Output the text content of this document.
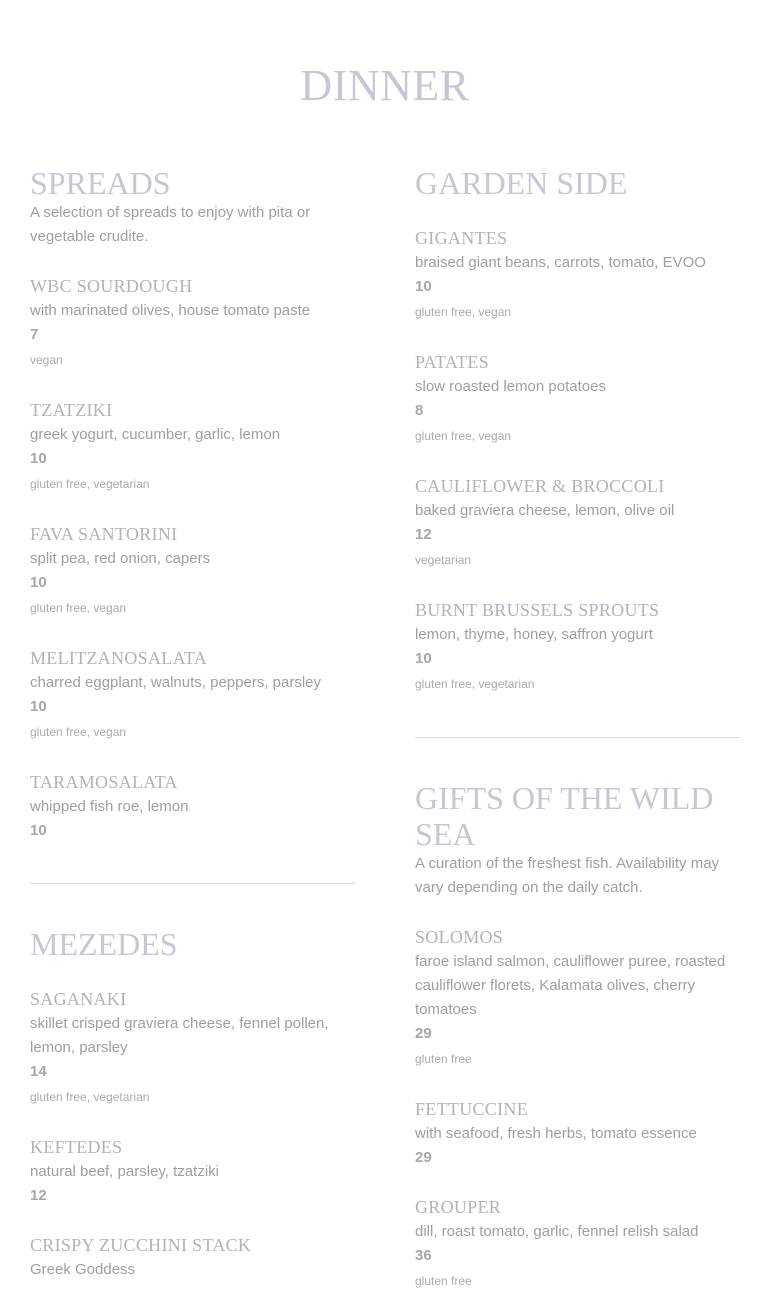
DINNER
SPREADS

A selection of spreads to enjoy with pita or vegetable crudite.

WBC SOURDOUGH

with marinated olives, house tomato paste

7

vegan

TZATZIKI

greek yogurt, cucumber, garlic, lemon

10

gluten free, vegetarian

FAVA SANTORINI

split pea, red onion, capers

10

gluten free, vegan

MELITZANOSALATA

charred eggplant, walnuts, peppers, parsley

10

gluten free, vegan

TARAMOSALATA

whipped fish roe, lemon

10

MEZEDES
SAGANAKI

skillet crisped graviera cheese, fennel pollen, lemon, parsley

14

gluten free, vegetarian

KEFTEDES

natural beef, parsley, tzatziki

12

CRISPY ZUCCHINI STACK

Greek Goddess

GARDEN SIDE
GIGANTES

braised giant beans, carrots, tomato, EVOO

10

gluten free, vegan

PATATES

slow roasted lemon potatoes

8

gluten free, vegan

CAULIFLOWER & BROCCOLI

baked graviera cheese, lemon, olive oil

12

vegetarian

BURNT BRUSSELS SPROUTS

lemon, thyme, honey, saffron yogurt

10

gluten free, vegetarian

GIFTS OF THE WILD SEA

A curation of the freshest fish. Availability may vary depending on the daily catch.

SOLOMOS

faroe island salmon, cauliflower puree, roasted cauliflower florets, Kalamata olives, cherry tomatoes

29

gluten free

FETTUCCINE

with seafood, fresh herbs, tomato essence

29

GROUPER

dill, roast tomato, garlic, fennel relish salad

36

gluten free
